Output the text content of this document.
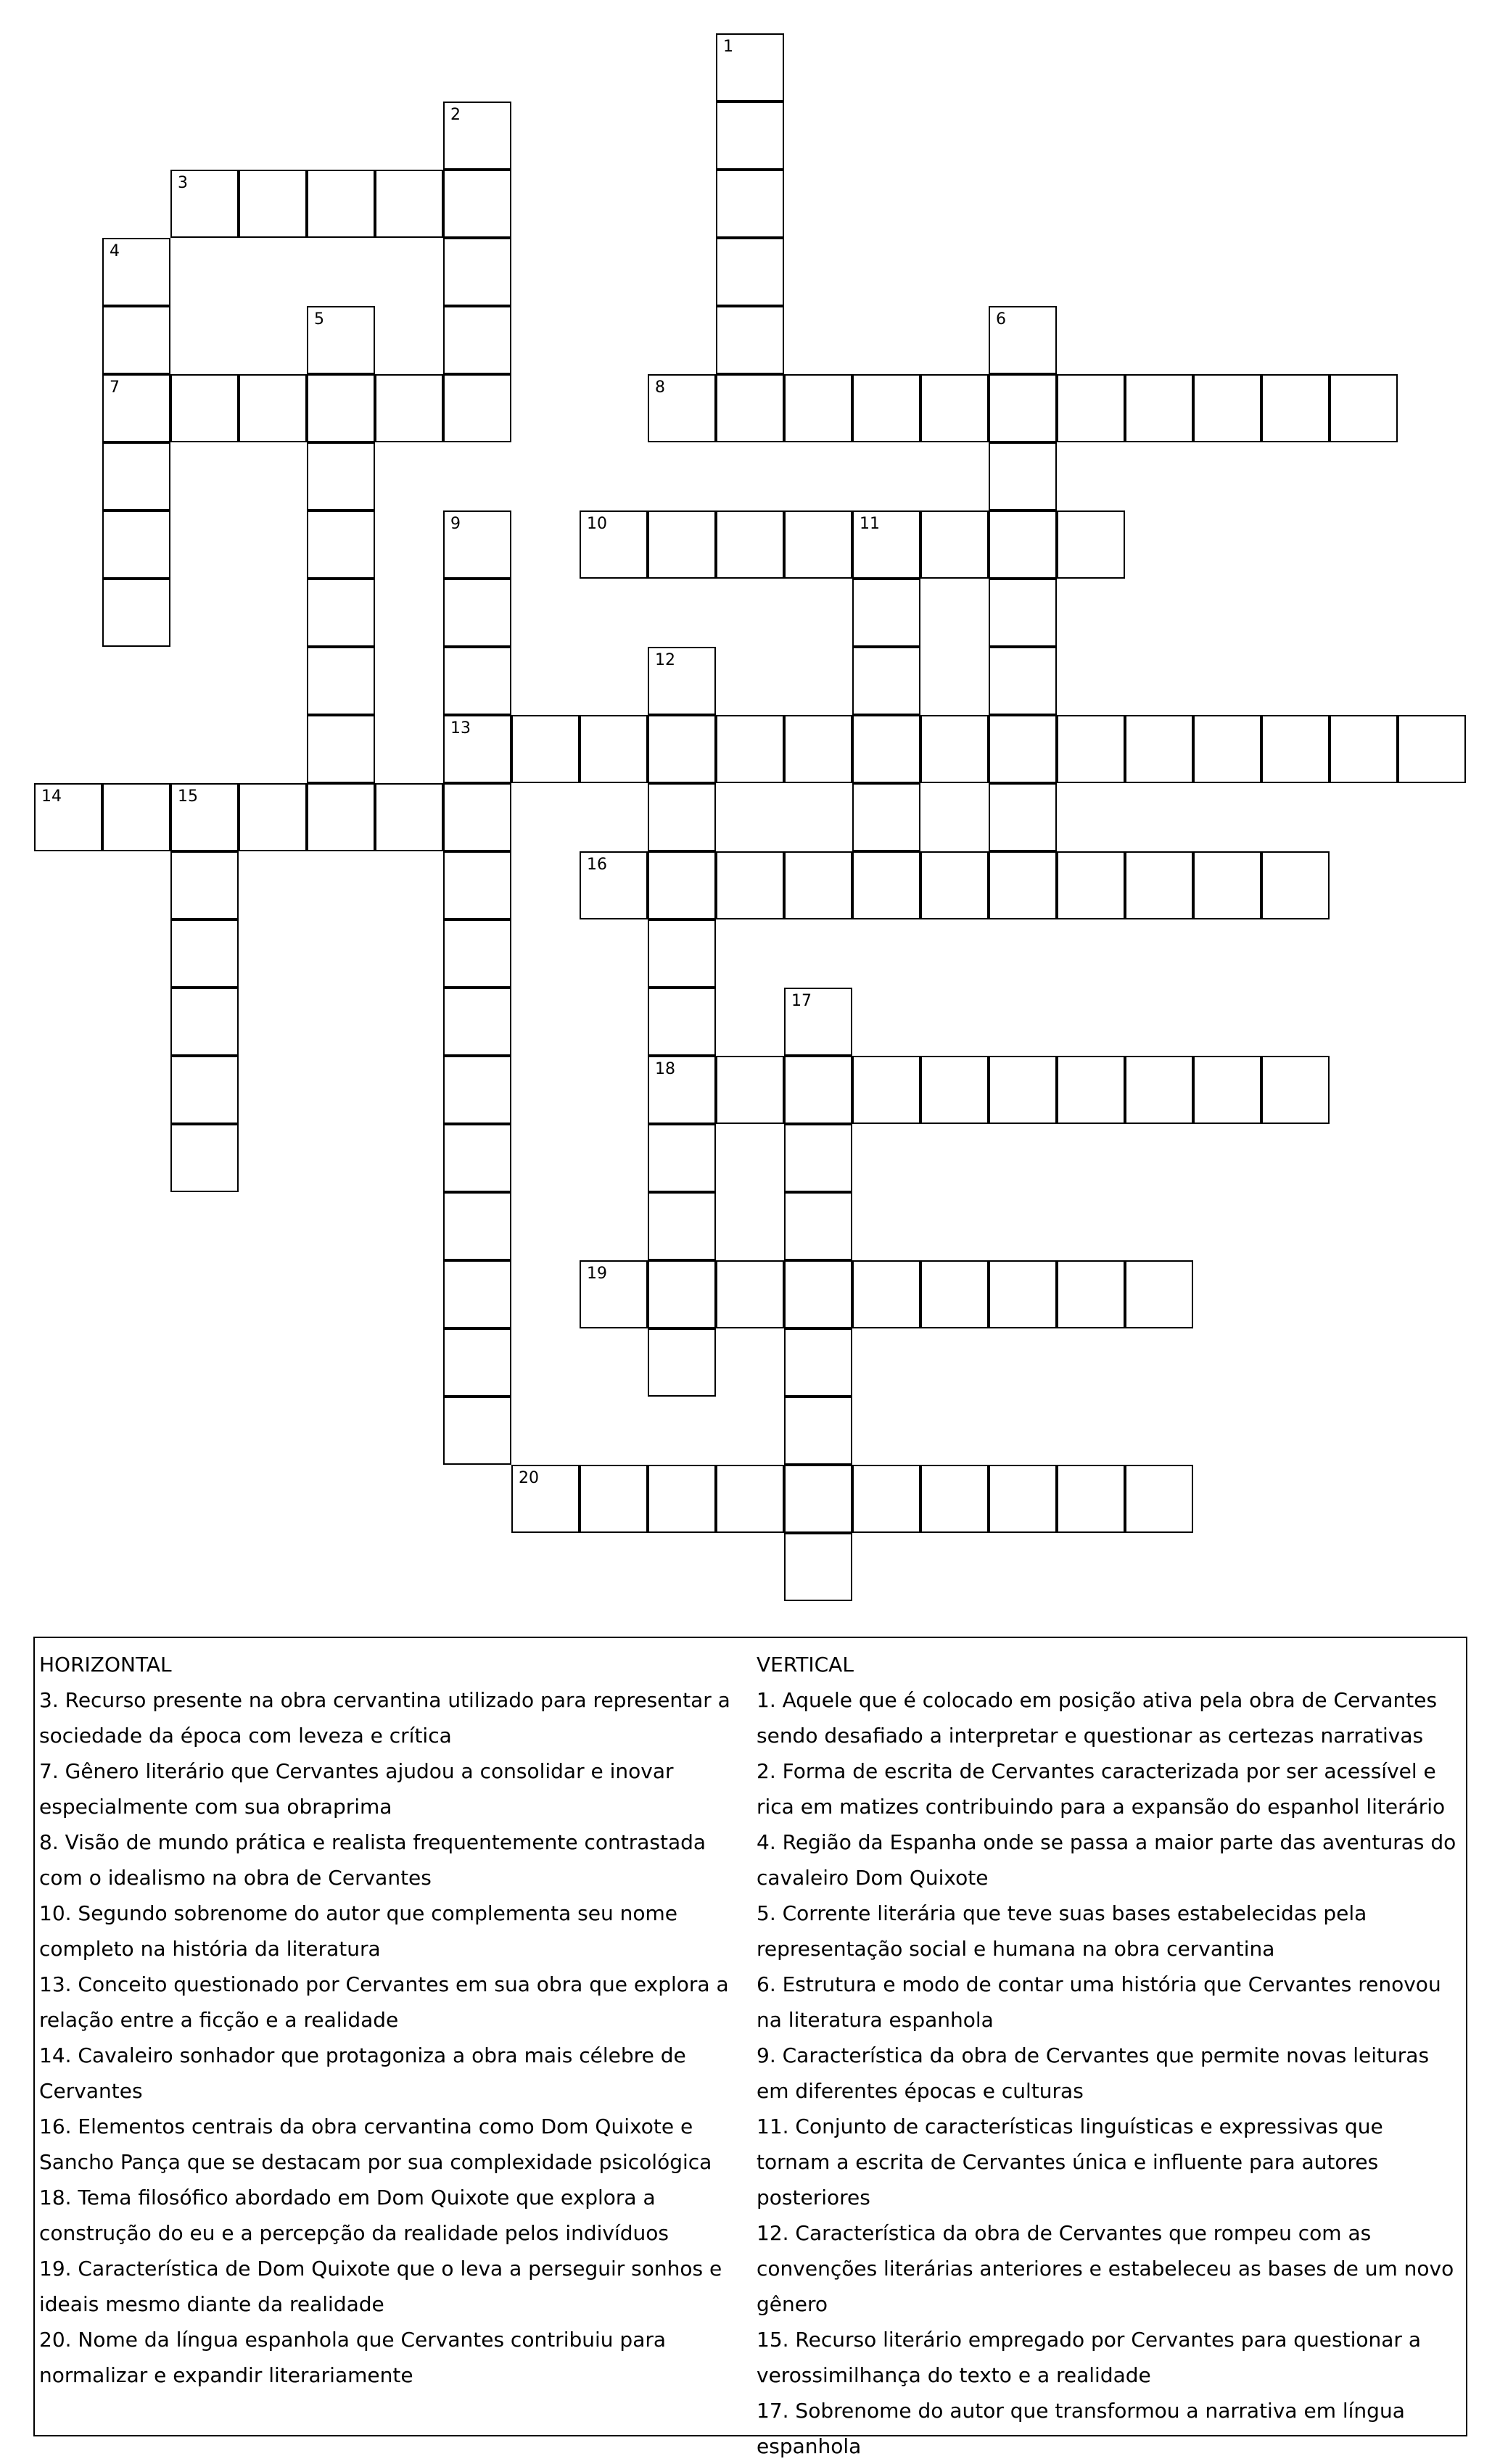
3
7	8
10	11
13
14	15
16
18
19
20
1
2
4
5	6
9
12
17
HORIZONTAL

3. Recurso presente na obra cervantina utilizado para representar a sociedade da época com leveza e crítica

7. Gênero literário que Cervantes ajudou a consolidar e inovar especialmente com sua obraprima

8. Visão de mundo prática e realista frequentemente contrastada com o idealismo na obra de Cervantes

10. Segundo sobrenome do autor que complementa seu nome completo na história da literatura

13. Conceito questionado por Cervantes em sua obra que explora a relação entre a ficção e a realidade

14. Cavaleiro sonhador que protagoniza a obra mais célebre de Cervantes

16. Elementos centrais da obra cervantina como Dom Quixote e Sancho Pança que se destacam por sua complexidade psicológica

18. Tema filosófico abordado em Dom Quixote que explora a construção do eu e a percepção da realidade pelos indivíduos

19. Característica de Dom Quixote que o leva a perseguir sonhos e ideais mesmo diante da realidade

20. Nome da língua espanhola que Cervantes contribuiu para normalizar e expandir literariamente

VERTICAL

1. Aquele que é colocado em posição ativa pela obra de Cervantes sendo desafiado a interpretar e questionar as certezas narrativas

2. Forma de escrita de Cervantes caracterizada por ser acessível e rica em matizes contribuindo para a expansão do espanhol literário

4. Região da Espanha onde se passa a maior parte das aventuras do cavaleiro Dom Quixote

5. Corrente literária que teve suas bases estabelecidas pela representação social e humana na obra cervantina

6. Estrutura e modo de contar uma história que Cervantes renovou na literatura espanhola

9. Característica da obra de Cervantes que permite novas leituras em diferentes épocas e culturas

11. Conjunto de características linguísticas e expressivas que tornam a escrita de Cervantes única e influente para autores posteriores

12. Característica da obra de Cervantes que rompeu com as convenções literárias anteriores e estabeleceu as bases de um novo gênero

15. Recurso literário empregado por Cervantes para questionar a verossimilhança do texto e a realidade

17. Sobrenome do autor que transformou a narrativa em língua espanhola
